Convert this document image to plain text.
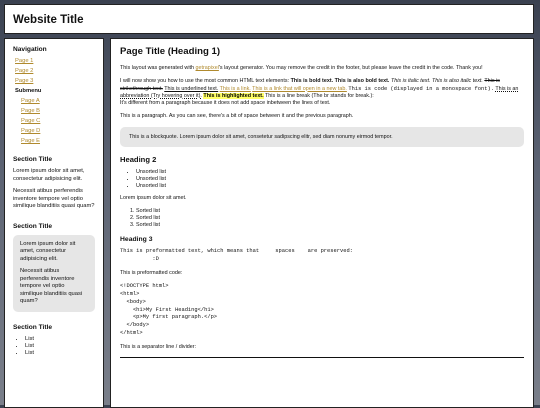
Website Title
Navigation
Page 1
Page 2
Page 3
Submenu
Page A
Page B
Page C
Page D
Page E
Section Title

Lorem ipsum dolor sit amet, consectetur adipisicing elit.

Necessit atibus perferendis inventore tempore vel optio similique blanditiis quasi quam?

Section Title

Lorem ipsum dolor sit amet, consectetur adipisicing elit.

Necessit atibus perferendis inventore tempore vel optio similique blanditiis quasi quam?

Section Title
• List
• List
• List
Page Title (Heading 1)

This layout was generated with getrapixel's layout generator. You may remove the credit in the footer, but please leave the credit in the code. Thank you!

I will now show you how to use the most common HTML text elements: This is bold text. This is also bold text. This is italic text. This is also italic text. This is strikethrough text. This is underlined text. This is a link. This is a link that will open in a new tab. This is code (displayed in a monospace font). This is an abbreviation (Try hovering over it). This is highlighted text. This is a line break (The br stands for break.):
It's different from a paragraph because it does not add space inbetween the lines of text.

This is a paragraph. As you can see, there's a bit of space between it and the previous paragraph.

This is a blockquote. Lorem ipsum dolor sit amet, consetetur sadipscing elitr, sed diam nonumy eirmod tempor.
Heading 2
• Unsorted list
• Unsorted list
• Unsorted list

Lorem ipsum dolor sit amet.

1. Sorted list
2. Sorted list
3. Sorted list
Heading 3
This is preformatted text, which means that     spaces    are preserved:
:D

This is preformatted code:

<!DOCTYPE html>
<html>
<body>
<h1>My First Heading</h1>
<p>My first paragraph.</p>
</body>
</html>

This is a separator line / divider:
